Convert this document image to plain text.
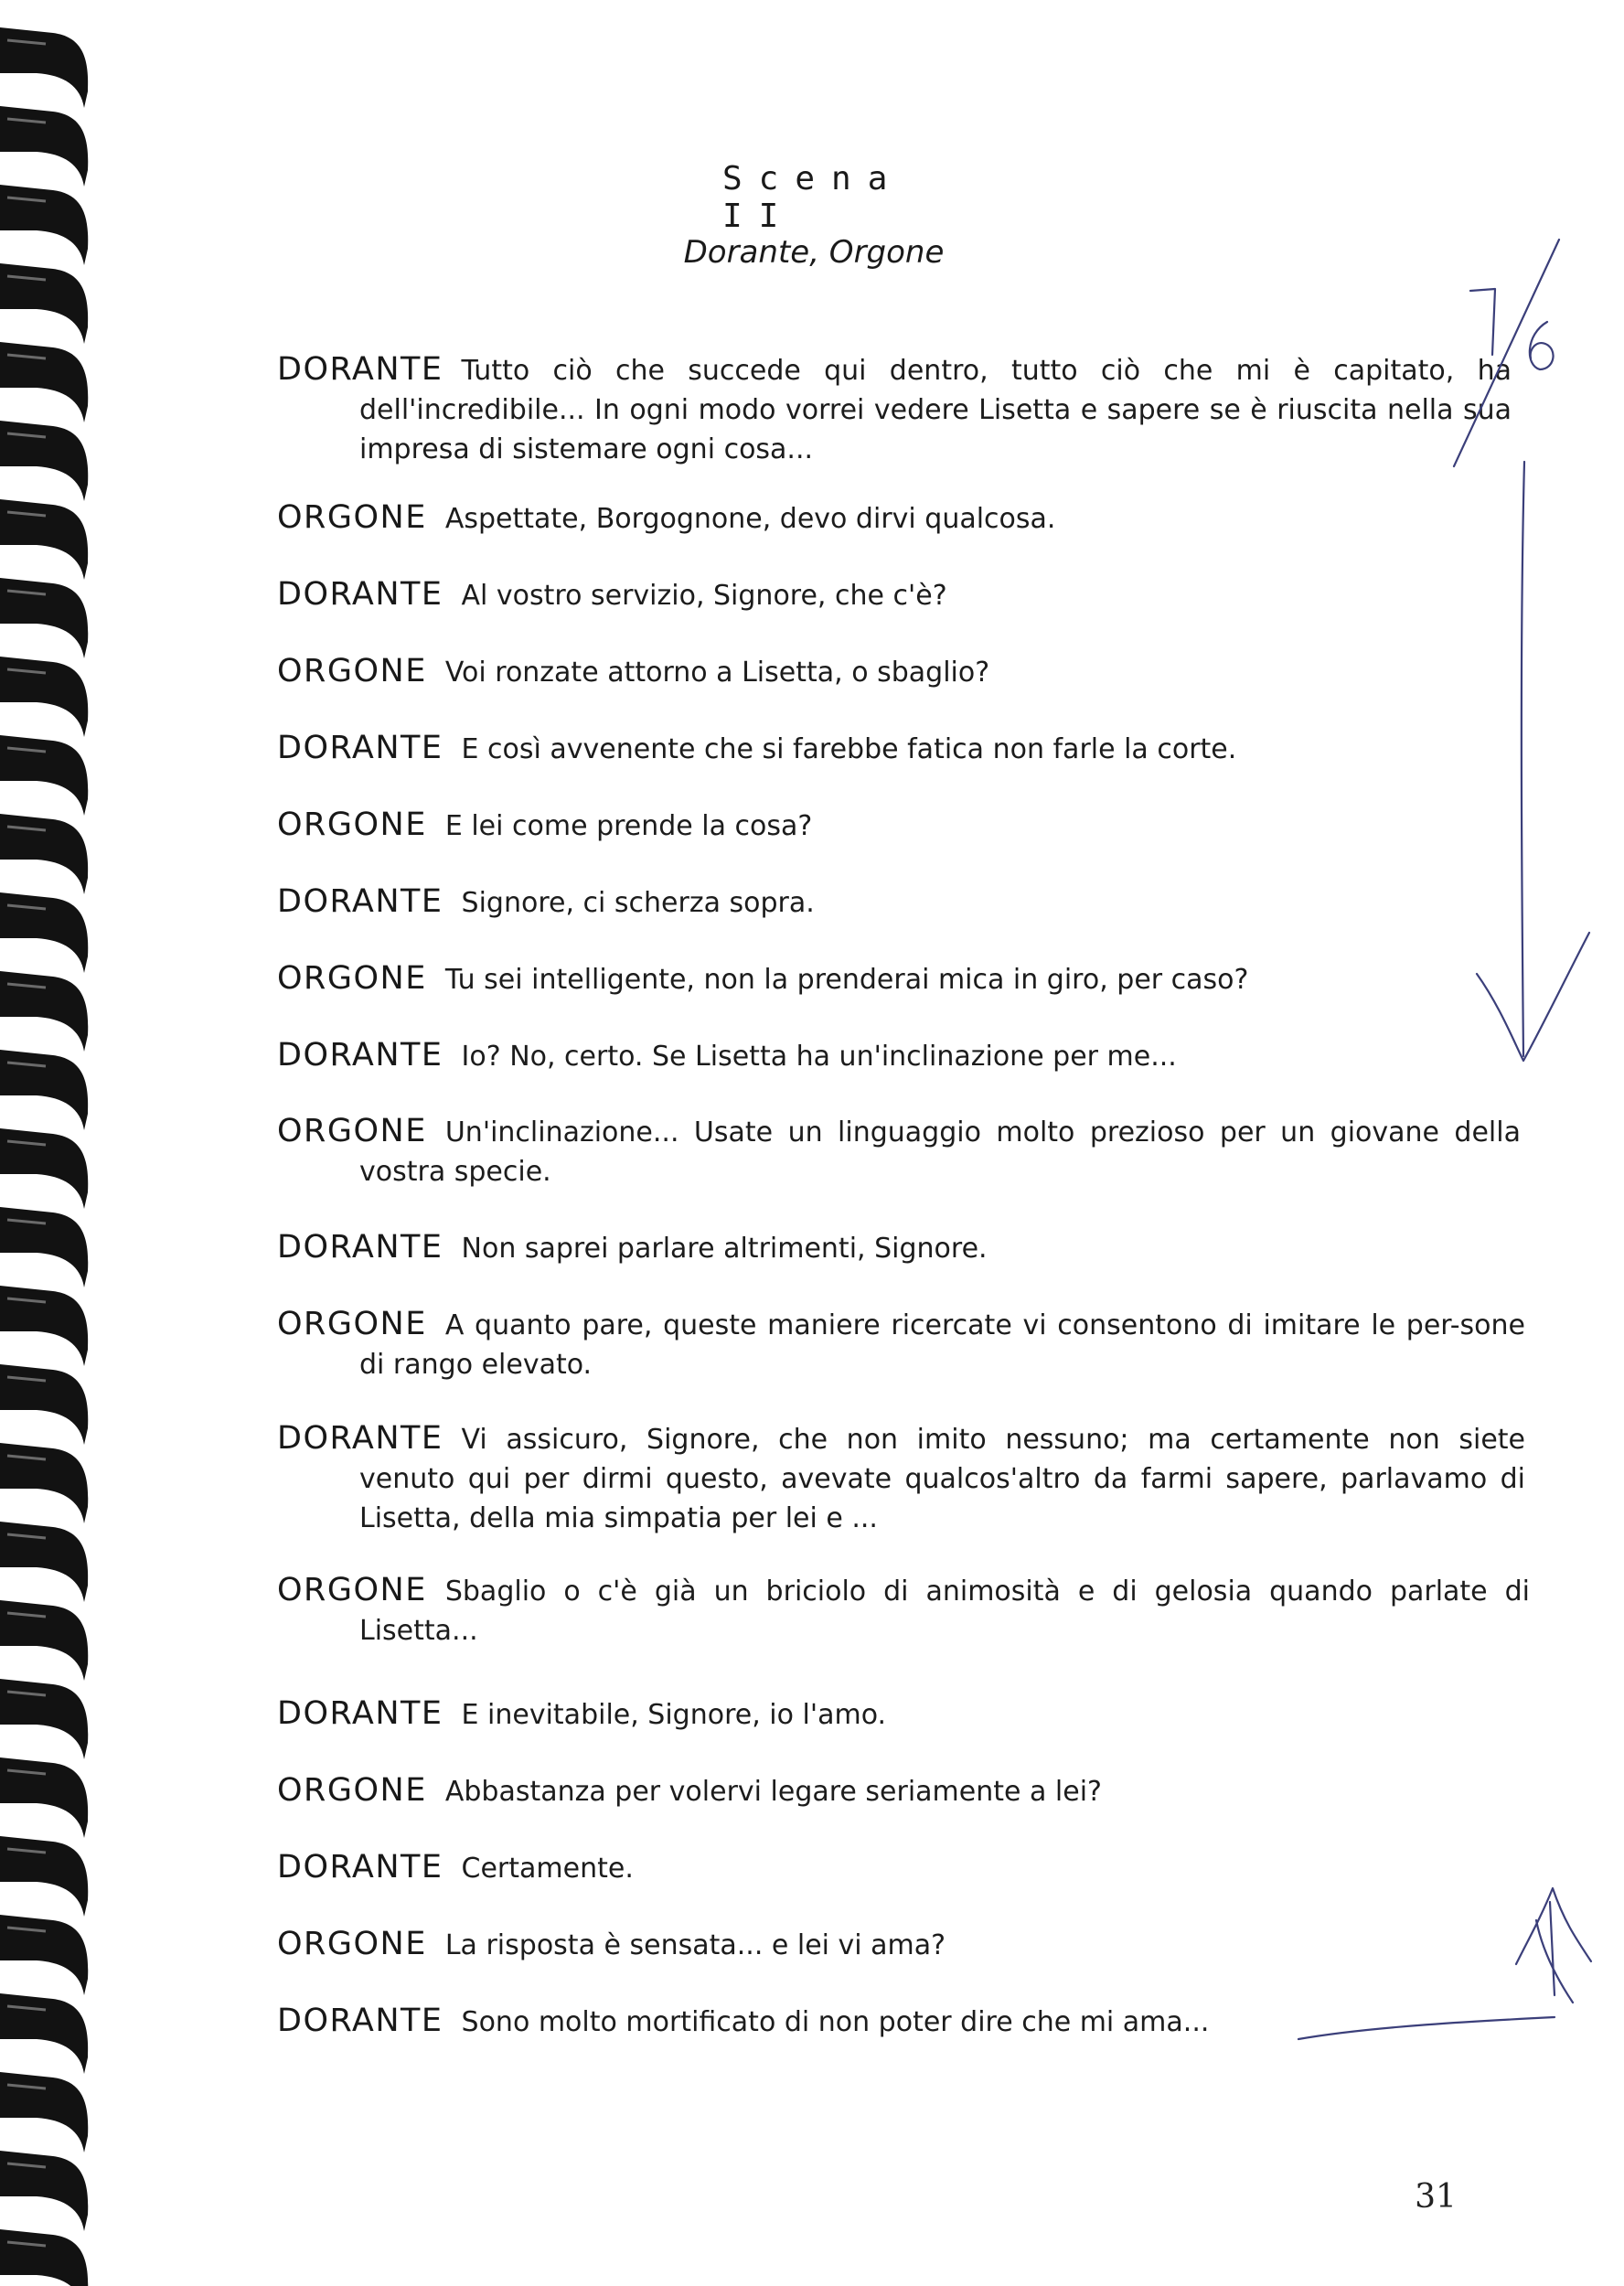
Scena II
Dorante, Orgone
DORANTE Tutto ciò che succede qui dentro, tutto ciò che mi è capitato, ha dell'incredibile... In ogni modo vorrei vedere Lisetta e sapere se è riuscita nella sua impresa di sistemare ogni cosa...
ORGONE Aspettate, Borgognone, devo dirvi qualcosa.
DORANTE Al vostro servizio, Signore, che c'è?
ORGONE Voi ronzate attorno a Lisetta, o sbaglio?
DORANTE E così avvenente che si farebbe fatica non farle la corte.
ORGONE E lei come prende la cosa?
DORANTE Signore, ci scherza sopra.
ORGONE Tu sei intelligente, non la prenderai mica in giro, per caso?
DORANTE Io? No, certo. Se Lisetta ha un'inclinazione per me...
ORGONE Un'inclinazione... Usate un linguaggio molto prezioso per un giovane della vostra specie.
DORANTE Non saprei parlare altrimenti, Signore.
ORGONE A quanto pare, queste maniere ricercate vi consentono di imitare le per-sone di rango elevato.
DORANTE Vi assicuro, Signore, che non imito nessuno; ma certamente non siete venuto qui per dirmi questo, avevate qualcos'altro da farmi sapere, parlavamo di Lisetta, della mia simpatia per lei e ...
ORGONE Sbaglio o c'è già un briciolo di animosità e di gelosia quando parlate di Lisetta...
DORANTE E inevitabile, Signore, io l'amo.
ORGONE Abbastanza per volervi legare seriamente a lei?
DORANTE Certamente.
ORGONE La risposta è sensata... e lei vi ama?
DORANTE Sono molto mortificato di non poter dire che mi ama...
31
